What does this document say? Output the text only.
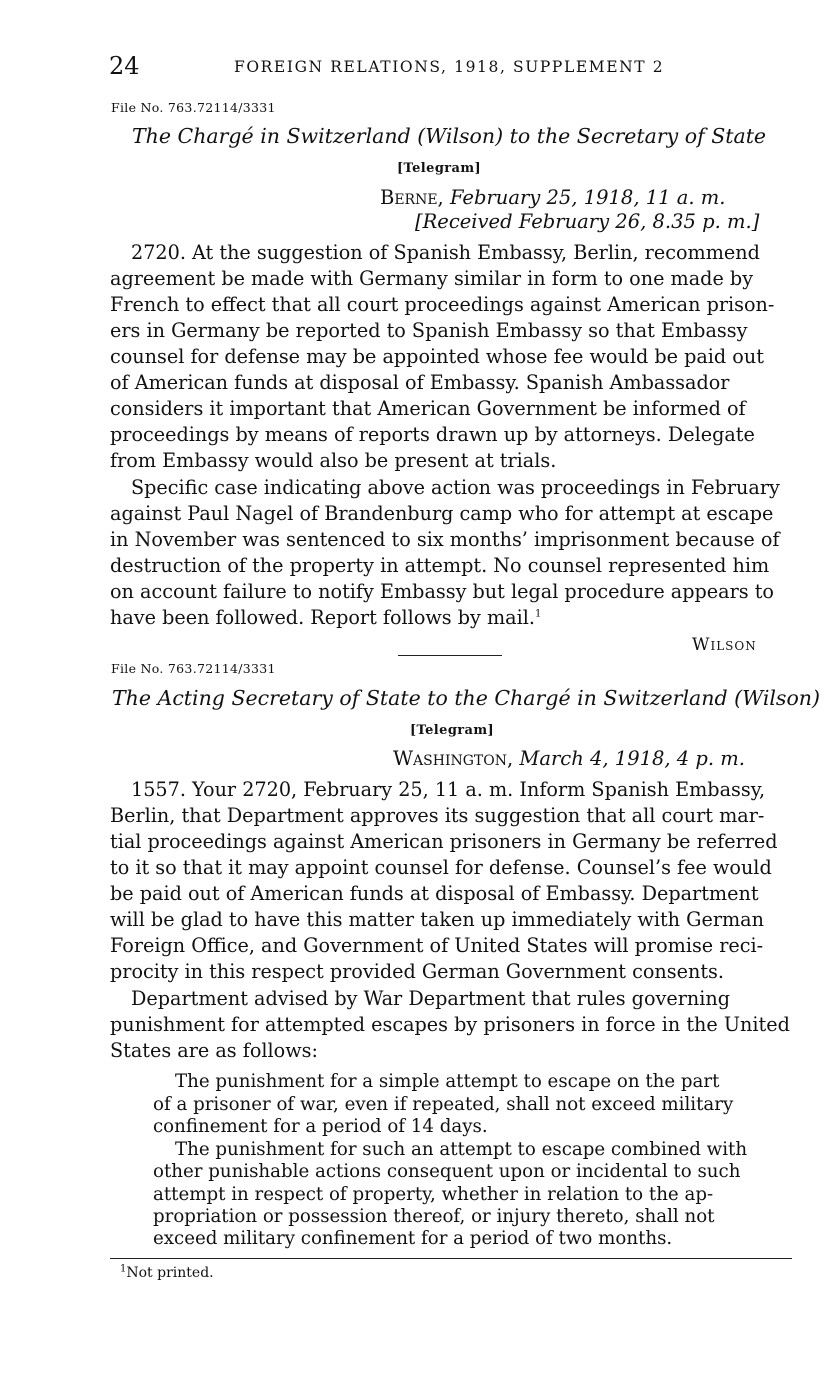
24	FOREIGN RELATIONS, 1918, SUPPLEMENT 2
File No. 763.72114/3331
The Chargé in Switzerland (Wilson) to the Secretary of State
[Telegram]
Berne, February 25, 1918, 11 a. m.
[Received February 26, 8.35 p. m.]
2720. At the suggestion of Spanish Embassy, Berlin, recommend
agreement be made with Germany similar in form to one made by
French to effect that all court proceedings against American prison-
ers in Germany be reported to Spanish Embassy so that Embassy
counsel for defense may be appointed whose fee would be paid out
of American funds at disposal of Embassy. Spanish Ambassador
considers it important that American Government be informed of
proceedings by means of reports drawn up by attorneys. Delegate
from Embassy would also be present at trials.
Specific case indicating above action was proceedings in February
against Paul Nagel of Brandenburg camp who for attempt at escape
in November was sentenced to six months’ imprisonment because of
destruction of the property in attempt. No counsel represented him
on account failure to notify Embassy but legal procedure appears to
have been followed. Report follows by mail.$^1$
Wilson
File No. 763.72114/3331
The Acting Secretary of State to the Chargé in Switzerland (Wilson)
[Telegram]
Washington, March 4, 1918, 4 p. m.
1557. Your 2720, February 25, 11 a. m. Inform Spanish Embassy,
Berlin, that Department approves its suggestion that all court mar-
tial proceedings against American prisoners in Germany be referred
to it so that it may appoint counsel for defense. Counsel’s fee would
be paid out of American funds at disposal of Embassy. Department
will be glad to have this matter taken up immediately with German
Foreign Office, and Government of United States will promise reci-
procity in this respect provided German Government consents.
Department advised by War Department that rules governing
punishment for attempted escapes by prisoners in force in the United
States are as follows:
The punishment for a simple attempt to escape on the part
of a prisoner of war, even if repeated, shall not exceed military
confinement for a period of 14 days.
The punishment for such an attempt to escape combined with
other punishable actions consequent upon or incidental to such
attempt in respect of property, whether in relation to the ap-
propriation or possession thereof, or injury thereto, shall not
exceed military confinement for a period of two months.
$^1$Not printed.
